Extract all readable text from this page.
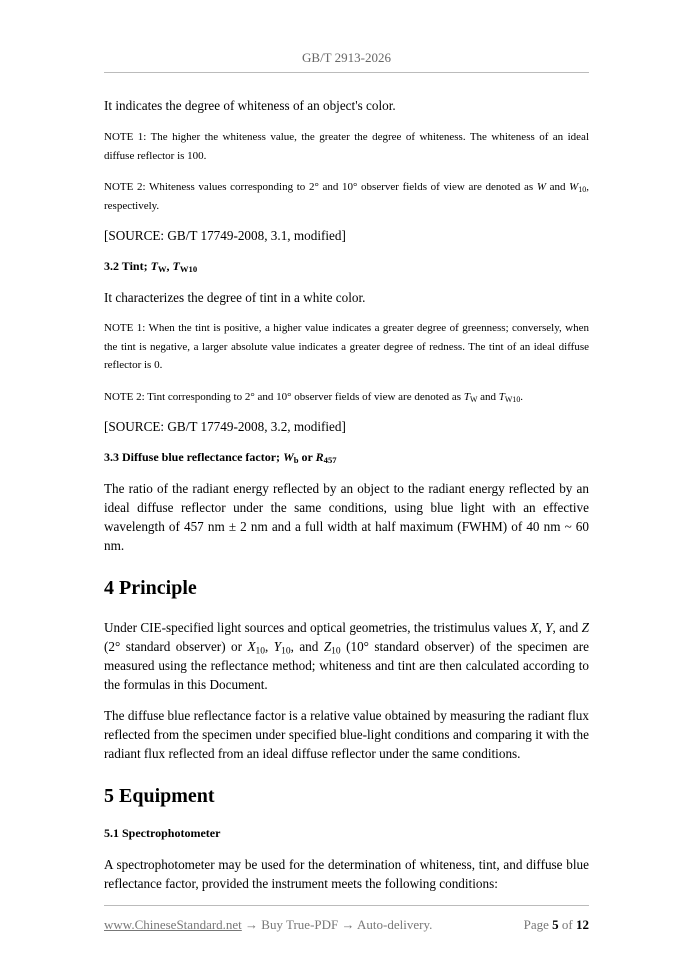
GB/T 2913-2026

It indicates the degree of whiteness of an object's color.

NOTE 1: The higher the whiteness value, the greater the degree of whiteness. The whiteness of an ideal diffuse reflector is 100.

NOTE 2: Whiteness values corresponding to 2° and 10° observer fields of view are denoted as W and $W_{10}$, respectively.

[SOURCE: GB/T 17749-2008, 3.1, modified]

3.2 Tint; $T_W$, $T_{W10}$

It characterizes the degree of tint in a white color.

NOTE 1: When the tint is positive, a higher value indicates a greater degree of greenness; conversely, when the tint is negative, a larger absolute value indicates a greater degree of redness. The tint of an ideal diffuse reflector is 0.

NOTE 2: Tint corresponding to 2° and 10° observer fields of view are denoted as $T_W$ and $T_{W10}$.

[SOURCE: GB/T 17749-2008, 3.2, modified]

3.3 Diffuse blue reflectance factor; $W_b$ or $R_{457}$

The ratio of the radiant energy reflected by an object to the radiant energy reflected by an ideal diffuse reflector under the same conditions, using blue light with an effective wavelength of 457 nm ± 2 nm and a full width at half maximum (FWHM) of 40 nm ~ 60 nm.

4 Principle

Under CIE-specified light sources and optical geometries, the tristimulus values X, Y, and Z (2° standard observer) or $X_{10}$, $Y_{10}$, and $Z_{10}$ (10° standard observer) of the specimen are measured using the reflectance method; whiteness and tint are then calculated according to the formulas in this Document.

The diffuse blue reflectance factor is a relative value obtained by measuring the radiant flux reflected from the specimen under specified blue-light conditions and comparing it with the radiant flux reflected from an ideal diffuse reflector under the same conditions.

5 Equipment

5.1 Spectrophotometer

A spectrophotometer may be used for the determination of whiteness, tint, and diffuse blue reflectance factor, provided the instrument meets the following conditions:

www.ChineseStandard.net → Buy True-PDF → Auto-delivery.	Page 5 of 12
